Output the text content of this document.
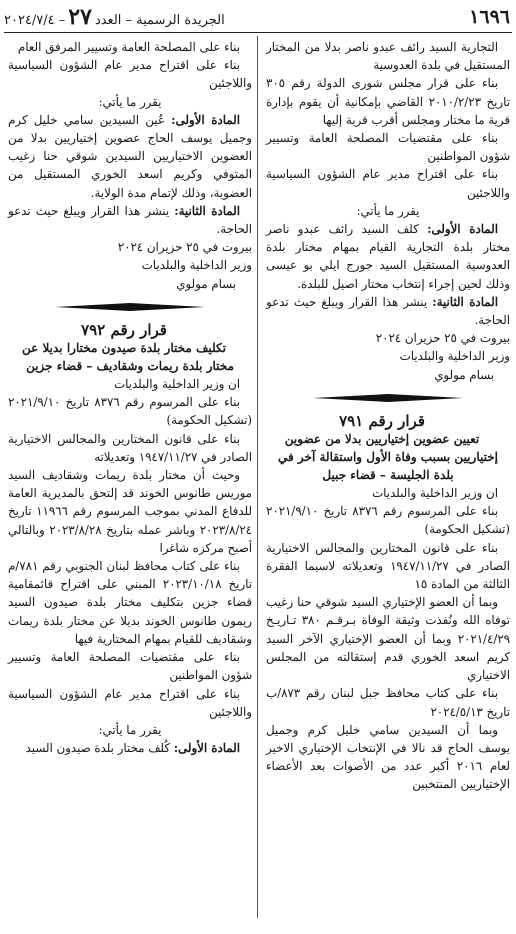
١٦٩٦
الجريدة الرسمية – العدد٢٧– ٢٠٢٤/٧/٤

التجارية السيد رائف عبدو ناصر بدلا من المختار المستقيل في بلدة العدوسية

بناء على قرار مجلس شورى الدولة رقم ٣٠٥ تاريخ ٢٠١٠/٢/٢٣ القاضي بإمكانية أن يقوم بإدارة قرية ما مختار ومجلس أقرب قرية إليها

بناء على مقتضيات المصلحة العامة وتسيير شؤون المواطنين

بناء على اقتراح مدير عام الشؤون السياسية واللاجئين

يقرر ما يأتي:

المادة الأولى: كلف السيد رائف عبدو ناصر مختار بلدة التجارية القيام بمهام مختار بلدة العدوسية المستقيل السيد جورج ايلي بو عيسى وذلك لحين إجراء إنتخاب مختار اصيل للبلدة.

المادة الثانية: ينشر هذا القرار ويبلغ حيث تدعو الحاجة.

بيروت في ٢٥ حزيران ٢٠٢٤

وزير الداخلية والبلديات

بسام مولوي

قرار رقم ٧٩١

تعيين عضوين إختياريين بدلا من عضوين إختياريين بسبب وفاة الأول واستقالة آخر في بلدة الجليسة – قضاء جبيل

ان وزير الداخلية والبلديات

بناء على المرسوم رقم ٨٣٧٦ تاريخ ٢٠٢١/٩/١٠ (تشكيل الحكومة)

بناء على قانون المختارين والمجالس الاختيارية الصادر في ١٩٤٧/١١/٢٧ وتعديلاته لاسيما الفقرة الثالثة من المادة ١٥

وبما أن العضو الإختياري السيد شوقي حنا زغيب توفاه الله ونُفذت وثيقة الوفاة بـرقـم ٣٨٠ تـاريـخ ٢٠٢١/٤/٢٩ وبما أن العضو الإختياري الآخر السيد كريم اسعد الخوري قدم إستقالته من المجلس الاختياري

بناء على كتاب محافظ جبل لبنان رقم ٨٧٣/ب تاريخ ٢٠٢٤/٥/١٣

وبما أن السيدين سامي خليل كرم وجميل يوسف الحاج قد نالا في الإنتخاب الإختياري الاخير لعام ٢٠١٦ أكبر عدد من الأصوات بعد الأعضاء الإختياريين المنتخبين

بناء على المصلحة العامة وتسيير المرفق العام

بناء على اقتراح مدير عام الشؤون السياسية واللاجئين

يقرر ما يأتي:

المادة الأولى: عُين السيدين سامي خليل كرم وجميل يوسف الحاج عضوين إختياريين بدلا من العضوين الاختياريين السيدين شوقي حنا زغيب المتوفي وكريم اسعد الخوري المستقيل من العضوية، وذلك لإتمام مدة الولاية.

المادة الثانية: ينشر هذا القرار ويبلغ حيث تدعو الحاجة.

بيروت في ٢٥ حزيران ٢٠٢٤

وزير الداخلية والبلديات

بسام مولوي

قرار رقم ٧٩٢

تكليف مختار بلدة صيدون مختارا بديلا عن مختار بلدة ريمات وشقاديف – قضاء جزين

ان وزير الداخلية والبلديات

بناء على المرسوم رقم ٨٣٧٦ تاريخ ٢٠٢١/٩/١٠ (تشكيل الحكومة)

بناء على قانون المختارين والمجالس الاختيارية الصادر في ١٩٤٧/١١/٢٧ وتعديلاته

وحيث أن مختار بلدة ريمات وشقاديف السيد موريس طانوس الخوند قد إلتحق بالمديرية العامة للدفاع المدني بموجب المرسوم رقم ١١٩٦٦ تاريخ ٢٠٢٣/٨/٢٤ وباشر عمله بتاريخ ٢٠٢٣/٨/٢٨ وبالتالي أصبح مركزه شاغرا

بناء على كتاب محافظ لبنان الجنوبي رقم ٧٨١/م تاريخ ٢٠٢٣/١٠/١٨ المبني على اقتراح قائمقامية قضاء جزين بتكليف مختار بلدة صيدون السيد ريمون طانوس الخوند بديلا عن مختار بلدة ريمات وشقاديف للقيام بمهام المختارية فيها

بناء على مقتضيات المصلحة العامة وتسيير شؤون المواطنين

بناء على اقتراح مدير عام الشؤون السياسية واللاجئين

يقرر ما يأتي:

المادة الأولى: كُلف مختار بلدة صيدون السيد
